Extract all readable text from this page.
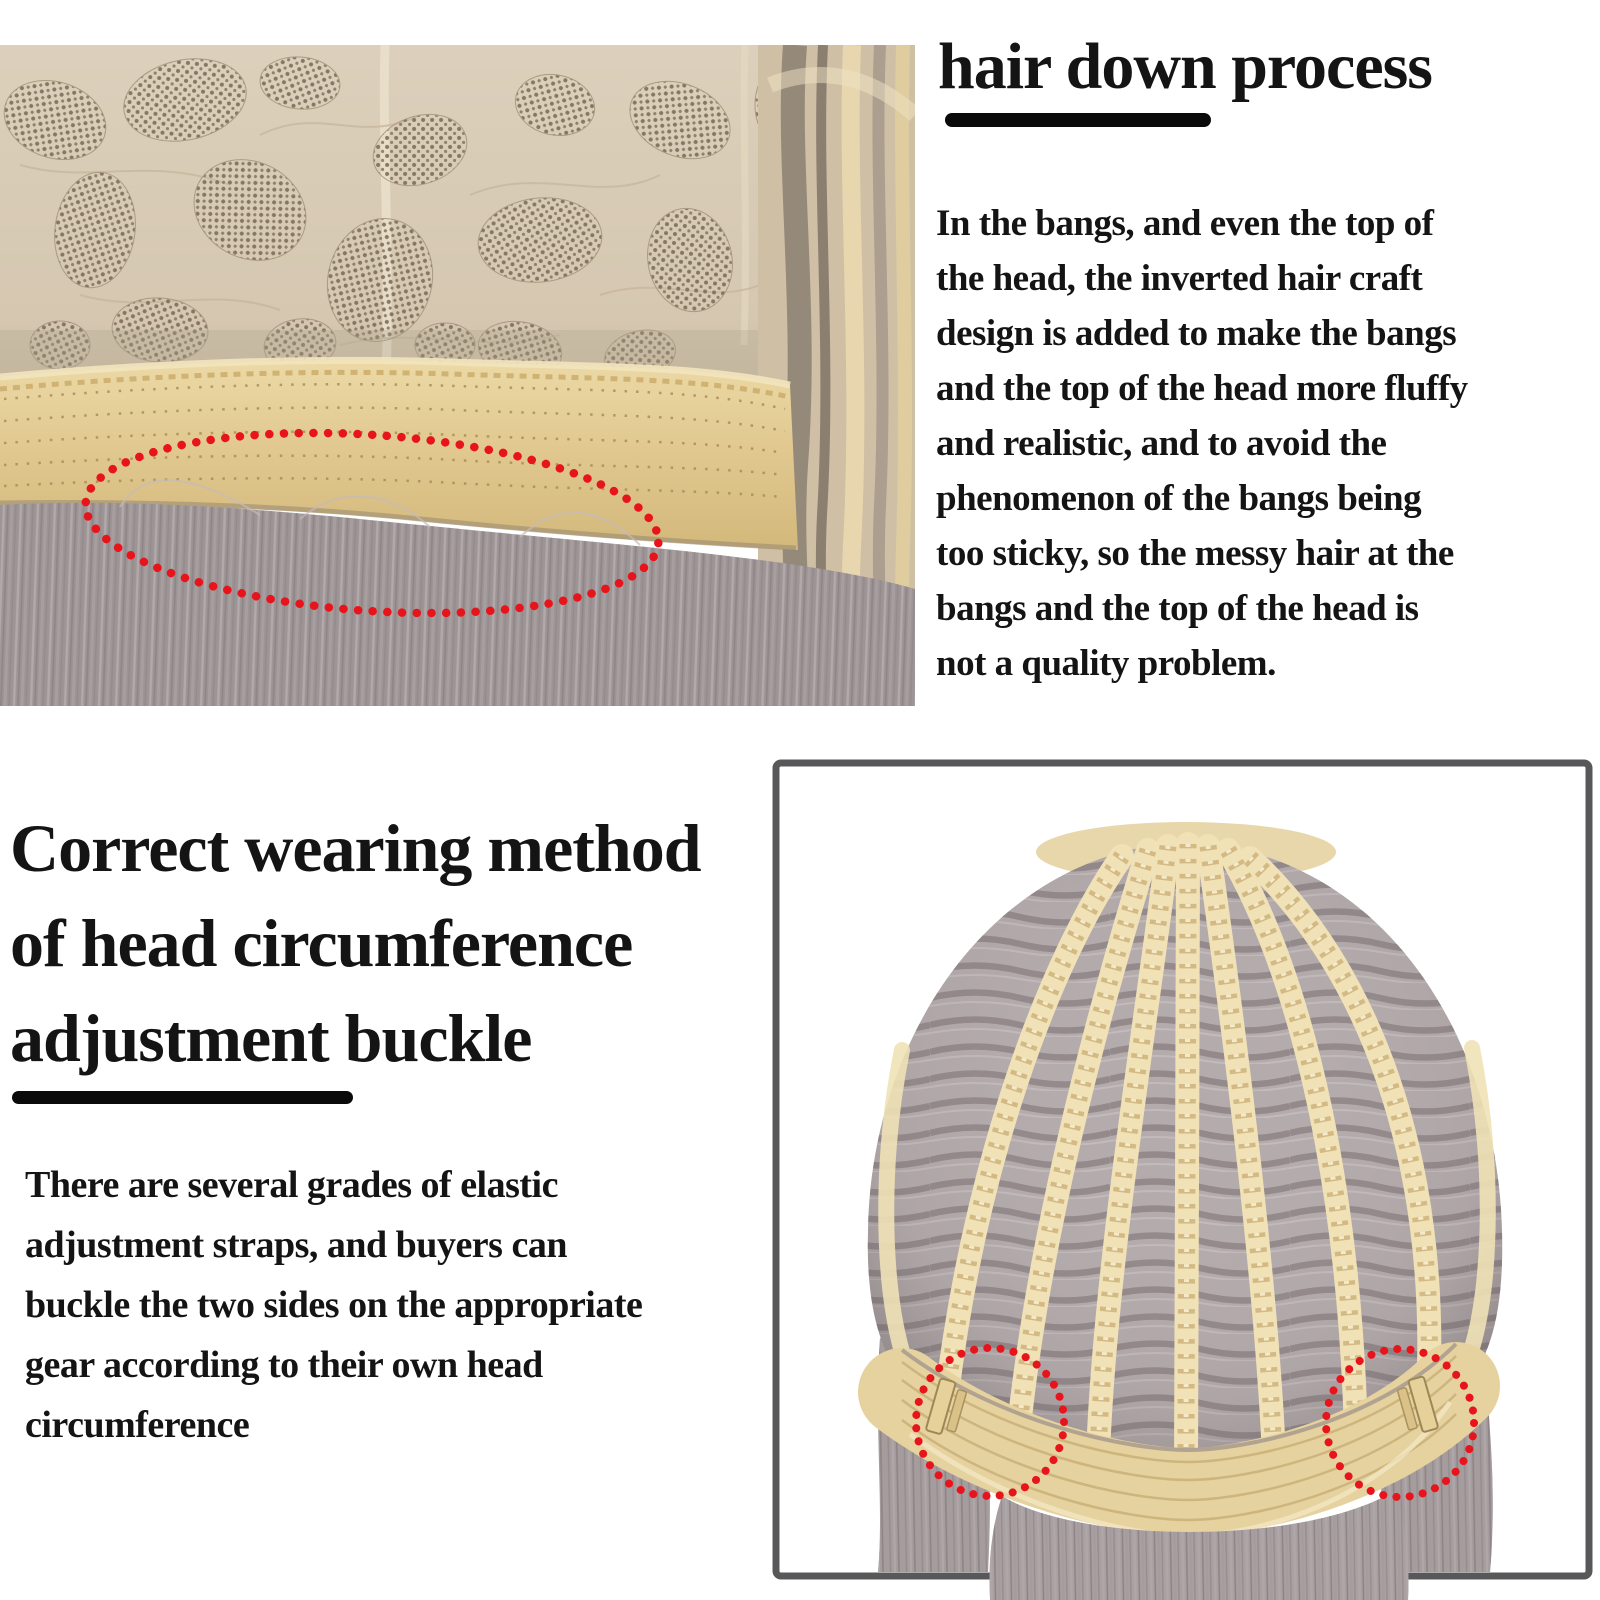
hair down process
In the bangs, and even the top of
the head, the inverted hair craft
design is added to make the bangs
and the top of the head more fluffy
and realistic, and to avoid the
phenomenon of the bangs being
too sticky, so the messy hair at the
bangs and the top of the head is
not a quality problem.
Correct wearing method
of head circumference
adjustment buckle
There are several grades of elastic
adjustment straps, and buyers can
buckle the two sides on the appropriate
gear according to their own head
circumference
